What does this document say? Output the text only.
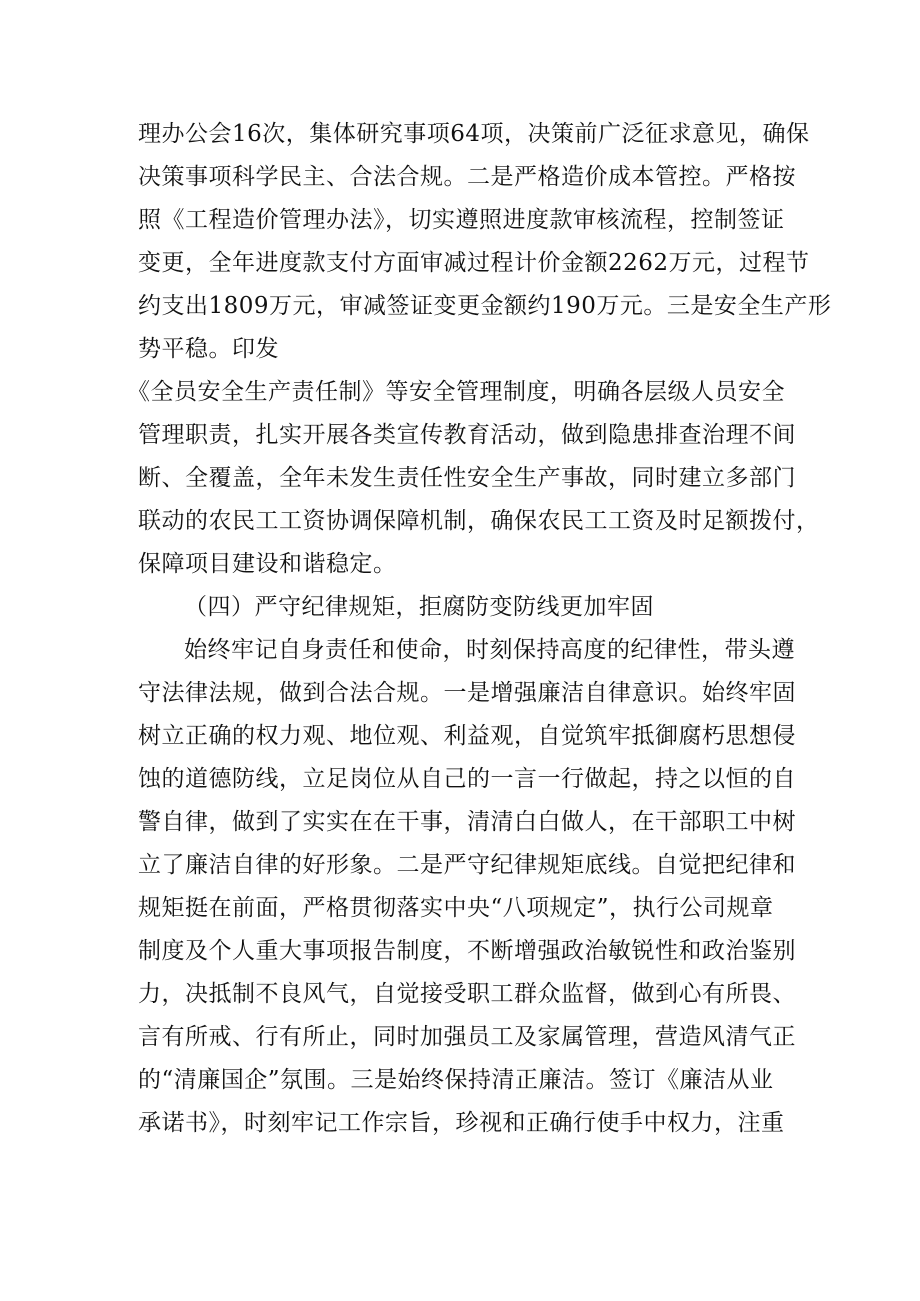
理办公会16次，集体研究事项64项，决策前广泛征求意见，确保
决策事项科学民主、合法合规。二是严格造价成本管控。严格按
照《工程造价管理办法》，切实遵照进度款审核流程，控制签证
变更，全年进度款支付方面审减过程计价金额2262万元，过程节
约支出1809万元，审减签证变更金额约190万元。三是安全生产形
势平稳。印发
《全员安全生产责任制》等安全管理制度，明确各层级人员安全
管理职责，扎实开展各类宣传教育活动，做到隐患排查治理不间
断、全覆盖，全年未发生责任性安全生产事故，同时建立多部门
联动的农民工工资协调保障机制，确保农民工工资及时足额拨付，
保障项目建设和谐稳定。
（四）严守纪律规矩，拒腐防变防线更加牢固
始终牢记自身责任和使命，时刻保持高度的纪律性，带头遵
守法律法规，做到合法合规。一是增强廉洁自律意识。始终牢固
树立正确的权力观、地位观、利益观，自觉筑牢抵御腐朽思想侵
蚀的道德防线，立足岗位从自己的一言一行做起，持之以恒的自
警自律，做到了实实在在干事，清清白白做人，在干部职工中树
立了廉洁自律的好形象。二是严守纪律规矩底线。自觉把纪律和
规矩挺在前面，严格贯彻落实中央“八项规定”，执行公司规章
制度及个人重大事项报告制度，不断增强政治敏锐性和政治鉴别
力，决抵制不良风气，自觉接受职工群众监督，做到心有所畏、
言有所戒、行有所止，同时加强员工及家属管理，营造风清气正
的“清廉国企”氛围。三是始终保持清正廉洁。签订《廉洁从业
承诺书》，时刻牢记工作宗旨，珍视和正确行使手中权力，注重
